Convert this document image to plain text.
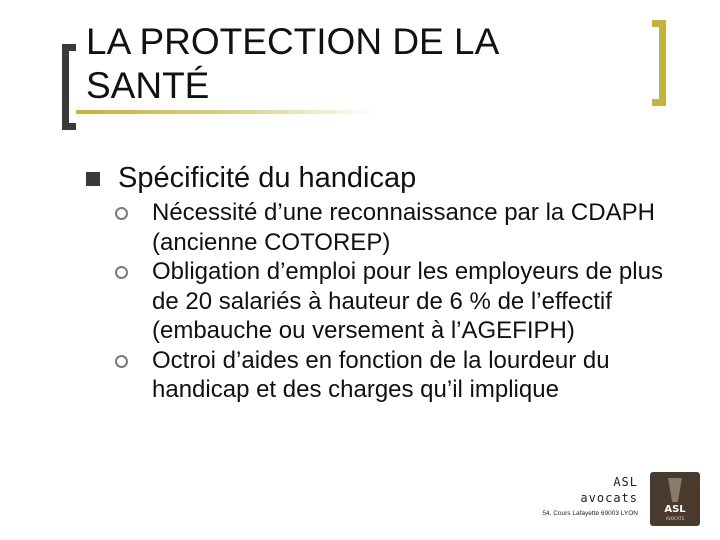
LA PROTECTION DE LA SANTÉ
Spécificité du handicap
Nécessité d’une reconnaissance par la CDAPH (ancienne COTOREP)
Obligation d’emploi pour les employeurs de plus de 20 salariés à hauteur de 6 % de l’effectif (embauche ou versement à l’AGEFIPH)
Octroi d’aides en fonction de la lourdeur du handicap et des charges qu’il implique
ASL
avocats
54, Cours Lafayette 69003 LYON	ASL
AVOCATS
